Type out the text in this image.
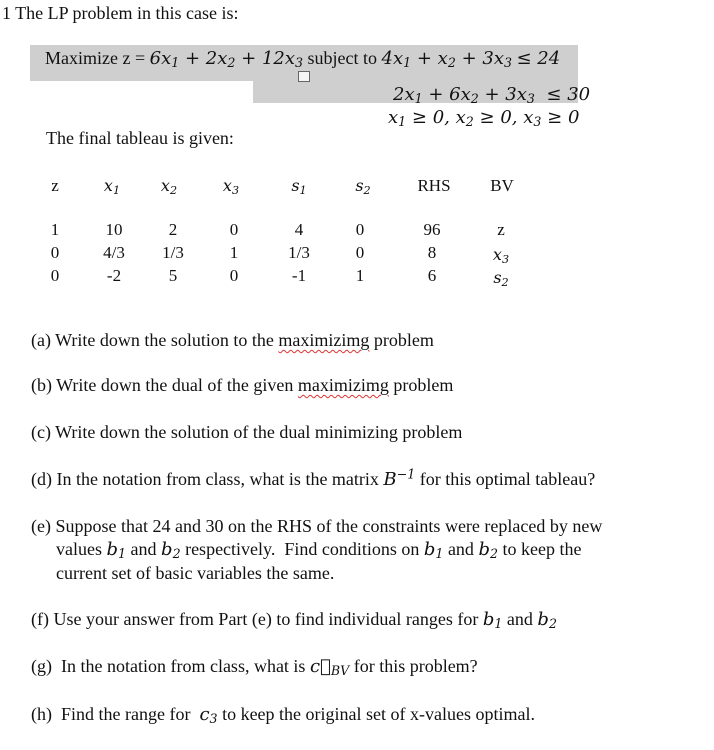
1 The LP problem in this case is:
Maximize $z = 6x_1 + 2x_2 + 12x_3$ subject to $4x_1 + x_2 + 3x_3 \le 24$
$2x_1 + 6x_2 + 3x_3 \le 30$
$x_1 \ge 0$, $x_2 \ge 0$, $x_3 \ge 0$
The final tableau is given:
z	$x_1$	$x_2$	$x_3$	$s_1$	$s_2$	RHS	BV
1	10	2	0	4	0	96	z
0	4/3	1/3	1	1/3	0	8	$x_3$
0	-2	5	0	-1	1	6	$s_2$
(a) Write down the solution to the maximizimg problem
(b) Write down the dual of the given maximizimg problem
(c) Write down the solution of the dual minimizing problem
(d) In the notation from class, what is the matrix $B^{-1}$ for this optimal tableau?
(e) Suppose that 24 and 30 on the RHS of the constraints were replaced by new
values $b_1$ and $b_2$ respectively.  Find conditions on $b_1$ and $b_2$ to keep the
current set of basic variables the same.
(f) Use your answer from Part (e) to find individual ranges for $b_1$ and $b_2$
(g)  In the notation from class, what is $c⃗_{BV}$ for this problem?
(h)  Find the range for  $c_3$ to keep the original set of x-values optimal.
